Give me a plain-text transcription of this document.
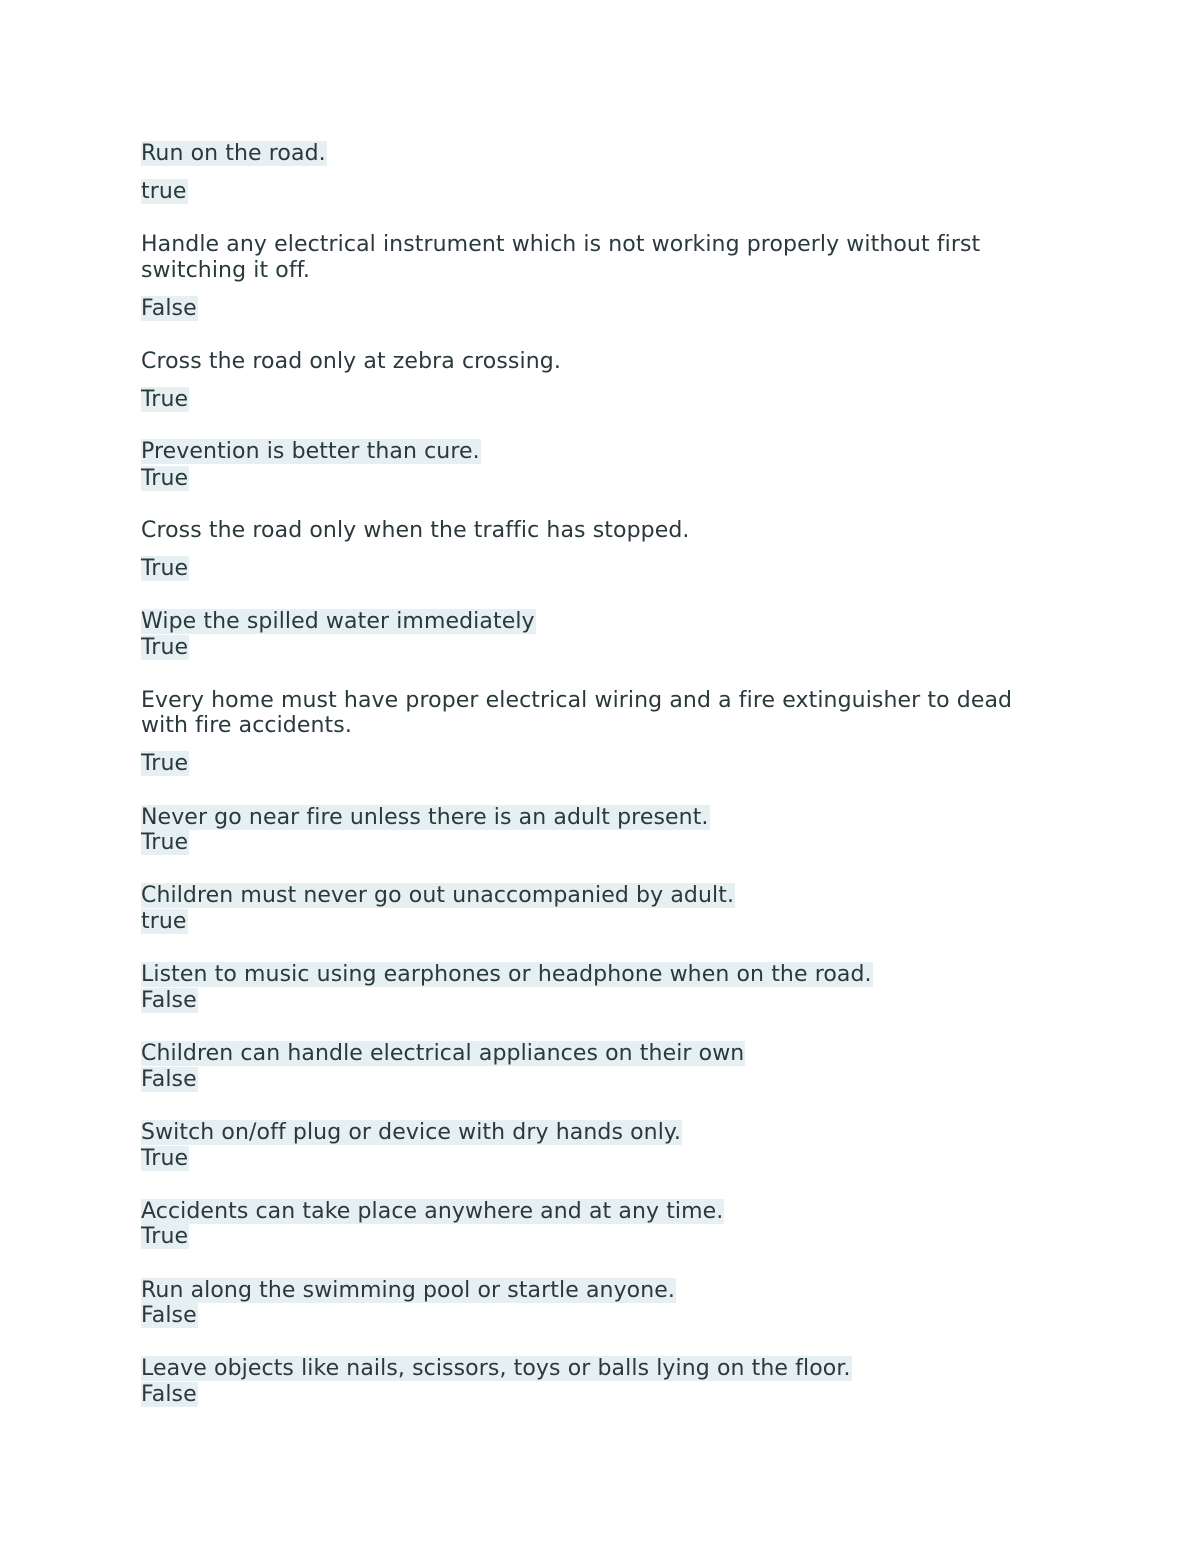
Run on the road.
true
Handle any electrical instrument which is not working properly without first
switching it off.
False
Cross the road only at zebra crossing.
True
Prevention is better than cure.
True
Cross the road only when the traffic has stopped.
True
Wipe the spilled water immediately
True
Every home must have proper electrical wiring and a fire extinguisher to dead
with fire accidents.
True
Never go near fire unless there is an adult present.
True
Children must never go out unaccompanied by adult.
true
Listen to music using earphones or headphone when on the road.
False
Children can handle electrical appliances on their own
False
Switch on/off plug or device with dry hands only.
True
Accidents can take place anywhere and at any time.
True
Run along the swimming pool or startle anyone.
False
Leave objects like nails, scissors, toys or balls lying on the floor.
False
